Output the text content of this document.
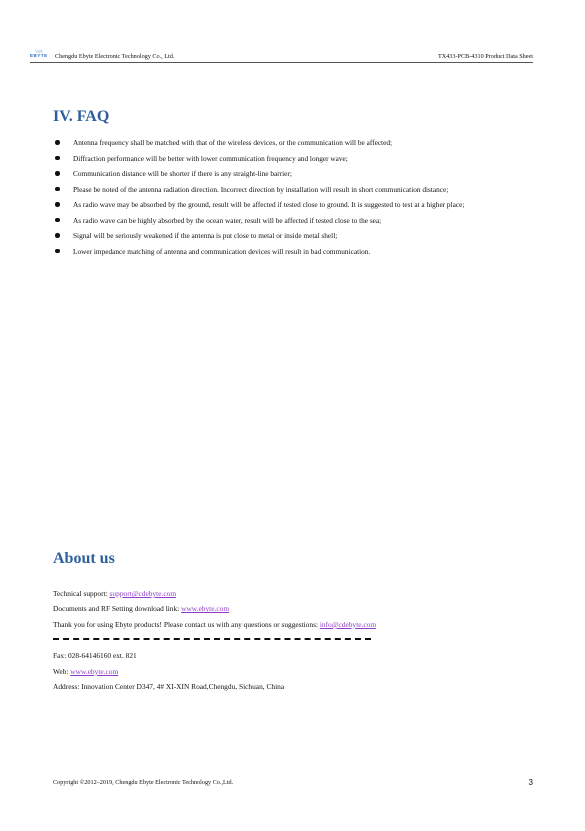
ไซลิ
EBYTE Chengdu Ebyte Electronic Technology Co., Ltd.	TX433-PCB-4310 Product Data Sheet
IV. FAQ
Antenna frequency shall be matched with that of the wireless devices, or the communication will be affected;
Diffraction performance will be better with lower communication frequency and longer wave;
Communication distance will be shorter if there is any straight-line barrier;
Please be noted of the antenna radiation direction. Incorrect direction by installation will result in short communication distance;
As radio wave may be absorbed by the ground, result will be affected if tested close to ground. It is suggested to test at a higher place;
As radio wave can be highly absorbed by the ocean water, result will be affected if tested close to the sea;
Signal will be seriously weakened if the antenna is put close to metal or inside metal shell;
Lower impedance matching of antenna and communication devices will result in bad communication.
About us
Technical support: support@cdebyte.com
Documents and RF Setting download link: www.ebyte.com
Thank you for using Ebyte products! Please contact us with any questions or suggestions: info@cdebyte.com
Fax: 028-64146160 ext. 821
Web: www.ebyte.com
Address: Innovation Center D347, 4# XI-XIN Road,Chengdu, Sichuan, China
Copyright ©2012–2019, Chengdu Ebyte Electronic Technology Co.,Ltd.	3
